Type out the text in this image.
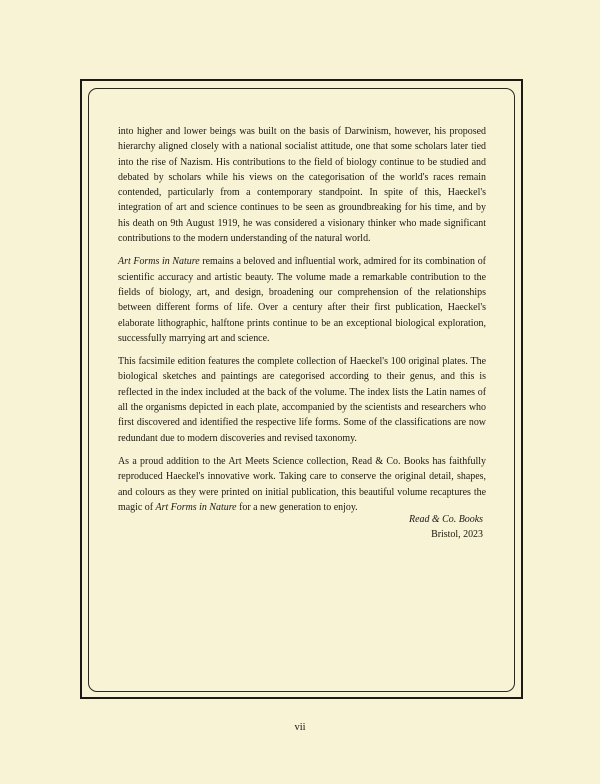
into higher and lower beings was built on the basis of Darwinism, however, his proposed hierarchy aligned closely with a national socialist attitude, one that some scholars later tied into the rise of Nazism. His contributions to the field of biology continue to be studied and debated by scholars while his views on the categorisation of the world's races remain contended, particularly from a contemporary standpoint. In spite of this, Haeckel's integration of art and science continues to be seen as groundbreaking for his time, and by his death on 9th August 1919, he was considered a visionary thinker who made significant contributions to the modern understanding of the natural world.

Art Forms in Nature remains a beloved and influential work, admired for its combination of scientific accuracy and artistic beauty. The volume made a remarkable contribution to the fields of biology, art, and design, broadening our comprehension of the relationships between different forms of life. Over a century after their first publication, Haeckel's elaborate lithographic, halftone prints continue to be an exceptional biological exploration, successfully marrying art and science.

This facsimile edition features the complete collection of Haeckel's 100 original plates. The biological sketches and paintings are categorised according to their genus, and this is reflected in the index included at the back of the volume. The index lists the Latin names of all the organisms depicted in each plate, accompanied by the scientists and researchers who first discovered and identified the respective life forms. Some of the classifications are now redundant due to modern discoveries and revised taxonomy.

As a proud addition to the Art Meets Science collection, Read & Co. Books has faithfully reproduced Haeckel's innovative work. Taking care to conserve the original detail, shapes, and colours as they were printed on initial publication, this beautiful volume recaptures the magic of Art Forms in Nature for a new generation to enjoy.

Read & Co. Books
Bristol, 2023
vii
